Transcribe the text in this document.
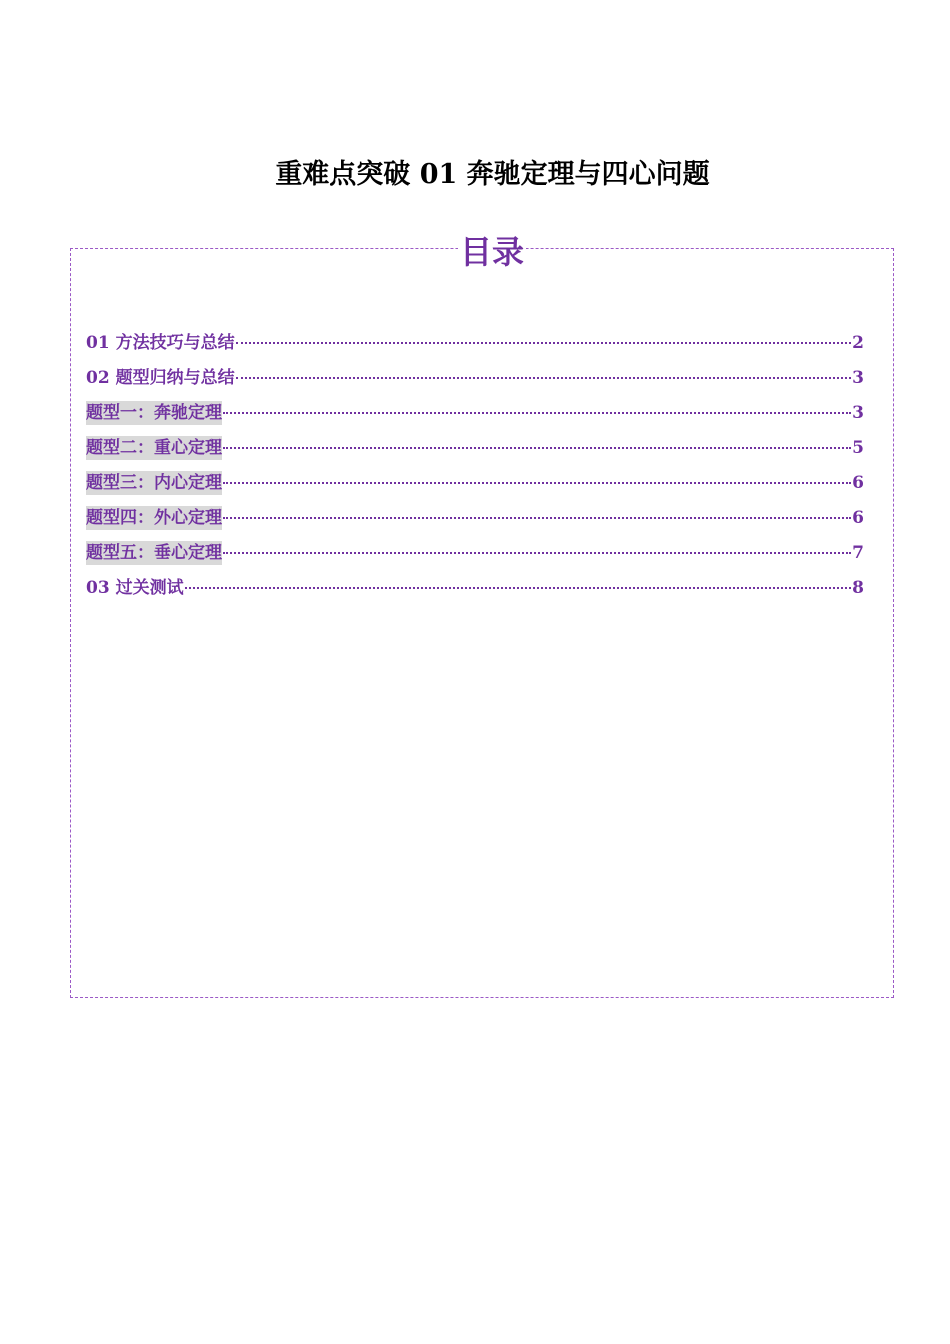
重难点突破 01 奔驰定理与四心问题
目录
01 方法技巧与总结	2
02 题型归纳与总结	3
题型一：奔驰定理	3
题型二：重心定理	5
题型三：内心定理	6
题型四：外心定理	6
题型五：垂心定理	7
03 过关测试	8
